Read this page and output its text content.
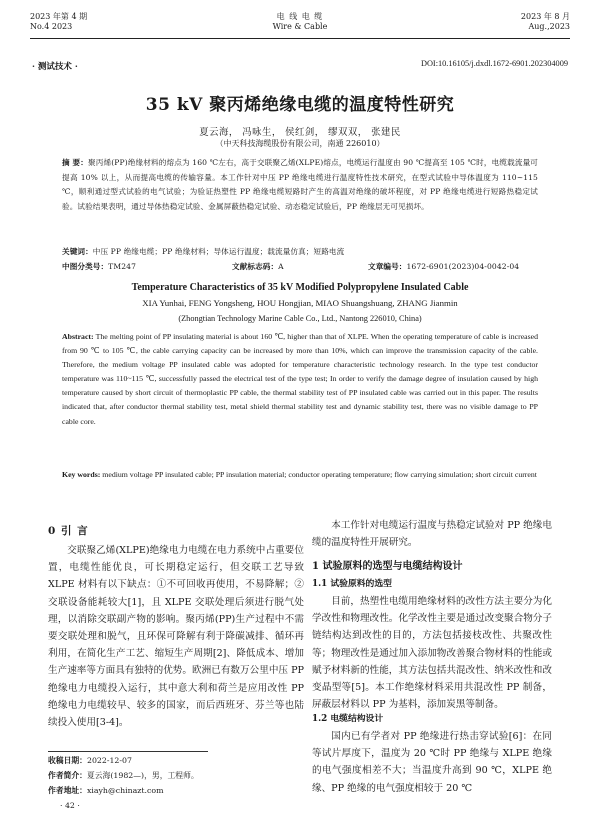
2023 年第 4 期
No.4 2023
电 线 电 缆
Wire & Cable
2023 年 8 月
Aug.,2023
· 测试技术 ·	DOI:10.16105/j.dxdl.1672-6901.202304009
35 kV 聚丙烯绝缘电缆的温度特性研究
夏云海， 冯咏生， 侯红剑， 缪双双， 张建民
（中天科技海缆股份有限公司，南通 226010）
摘 要：聚丙烯(PP)绝缘材料的熔点为 160 ℃左右，高于交联聚乙烯(XLPE)熔点，电缆运行温度由 90 ℃提高至 105 ℃时，电缆载流量可提高 10% 以上，从而提高电缆的传输容量。本工作针对中压 PP 绝缘电缆进行温度特性技术研究，在型式试验中导体温度为 110~115 ℃，顺利通过型式试验的电气试验；为验证热塑性 PP 绝缘电缆短路时产生的高温对绝缘的破坏程度，对 PP 绝缘电缆进行短路热稳定试验。试验结果表明，通过导体热稳定试验、金属屏蔽热稳定试验、动态稳定试验后，PP 绝缘层无可见损坏。
关键词：中压 PP 绝缘电缆；PP 绝缘材料；导体运行温度；载流量仿真；短路电流
中图分类号：TM247	文献标志码：A	文章编号：1672-6901(2023)04-0042-04
Temperature Characteristics of 35 kV Modified Polypropylene Insulated Cable
XIA Yunhai, FENG Yongsheng, HOU Hongjian, MIAO Shuangshuang, ZHANG Jianmin
(Zhongtian Technology Marine Cable Co., Ltd., Nantong 226010, China)
Abstract: The melting point of PP insulating material is about 160 ℃, higher than that of XLPE. When the operating temperature of cable is increased from 90 ℃ to 105 ℃, the cable carrying capacity can be increased by more than 10%, which can improve the transmission capacity of the cable. Therefore, the medium voltage PP insulated cable was adopted for temperature characteristic technology research. In the type test conductor temperature was 110~115 ℃, successfully passed the electrical test of the type test; In order to verify the damage degree of insulation caused by high temperature caused by short circuit of thermoplastic PP cable, the thermal stability test of PP insulated cable was carried out in this paper. The results indicated that, after conductor thermal stability test, metal shield thermal stability test and dynamic stability test, there was no visible damage to PP cable core.
Key words: medium voltage PP insulated cable; PP insulation material; conductor operating temperature; flow carrying simulation; short circuit current
0 引 言
交联聚乙烯(XLPE)绝缘电力电缆在电力系统中占重要位置，电缆性能优良，可长期稳定运行，但交联工艺导致 XLPE 材料有以下缺点：①不可回收再使用，不易降解；②交联设备能耗较大[1]，且 XLPE 交联处理后须进行脱气处理，以消除交联副产物的影响。聚丙烯(PP)生产过程中不需要交联处理和脱气，且环保可降解有利于降碳减排、循环再利用，在简化生产工艺、缩短生产周期[2]、降低成本、增加生产速率等方面具有独特的优势。欧洲已有数万公里中压 PP 绝缘电力电缆投入运行，其中意大利和荷兰是应用改性 PP 绝缘电力电缆较早、较多的国家，而后西班牙、芬兰等也陆续投入使用[3-4]。
收稿日期：2022-12-07
作者简介：夏云海(1982—)，男，工程师。
作者地址：xiayh@chinazt.com
· 42 ·
本工作针对电缆运行温度与热稳定试验对 PP 绝缘电缆的温度特性开展研究。
1 试验原料的选型与电缆结构设计
1.1 试验原料的选型
目前，热塑性电缆用绝缘材料的改性方法主要分为化学改性和物理改性。化学改性主要是通过改变聚合物分子链结构达到改性的目的，方法包括接枝改性、共聚改性等；物理改性是通过加入添加物改善聚合物材料的性能或赋予材料新的性能，其方法包括共混改性、纳米改性和改变晶型等[5]。本工作绝缘材料采用共混改性 PP 制备，屏蔽层材料以 PP 为基料，添加炭黑等制备。
1.2 电缆结构设计
国内已有学者对 PP 绝缘进行热击穿试验[6]：在同等试片厚度下，温度为 20 ℃时 PP 绝缘与 XLPE 绝缘的电气强度相差不大；当温度升高到 90 ℃，XLPE 绝缘、PP 绝缘的电气强度相较于 20 ℃
